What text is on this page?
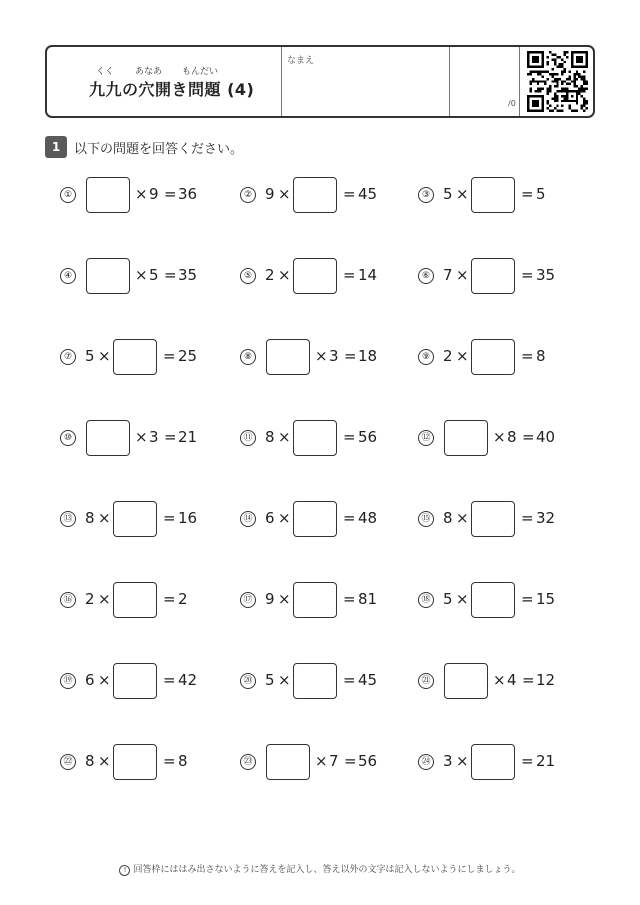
くく あなあ もんだい
九九の穴開き問題 (4)
なまえ
/0
1	以下の問題を回答ください。
①	× 9 = 36	② 9 ×	= 45	③ 5 ×	= 5
④	× 5 = 35	⑤ 2 ×	= 14	⑥ 7 ×	= 35
⑦ 5 ×	= 25	⑧	× 3 = 18	⑨ 2 ×	= 8
⑩	× 3 = 21	⑪ 8 ×	= 56	⑫	× 8 = 40
⑬ 8 ×	= 16	⑭ 6 ×	= 48	⑮ 8 ×	= 32
⑯ 2 ×	= 2	⑰ 9 ×	= 81	⑱ 5 ×	= 15
⑲ 6 ×	= 42	⑳ 5 ×	= 45	㉑	× 4 = 12
㉒ 8 ×	= 8	㉓	× 7 = 56	㉔ 3 ×	= 21
! 回答枠にははみ出さないように答えを記入し、答え以外の文字は記入しないようにしましょう。
